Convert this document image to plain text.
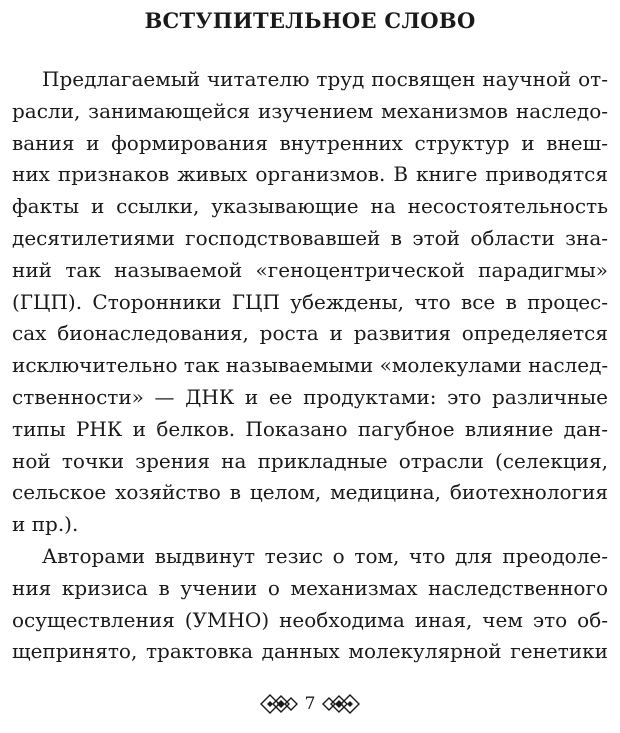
ВСТУПИТЕЛЬНОЕ СЛОВО
Предлагаемый читателю труд посвящен научной от-
расли, занимающейся изучением механизмов наследо-
вания и формирования внутренних структур и внеш-
них признаков живых организмов. В книге приводятся
факты и ссылки, указывающие на несостоятельность
десятилетиями господствовавшей в этой области зна-
ний так называемой «геноцентрической парадигмы»
(ГЦП). Сторонники ГЦП убеждены, что все в процес-
сах бионаследования, роста и развития определяется
исключительно так называемыми «молекулами наслед-
ственности» — ДНК и ее продуктами: это различные
типы РНК и белков. Показано пагубное влияние дан-
ной точки зрения на прикладные отрасли (селекция,
сельское хозяйство в целом, медицина, биотехнология
и пр.).
Авторами выдвинут тезис о том, что для преодоле-
ния кризиса в учении о механизмах наследственного
осуществления (УМНО) необходима иная, чем это об-
щепринято, трактовка данных молекулярной генетики
7
